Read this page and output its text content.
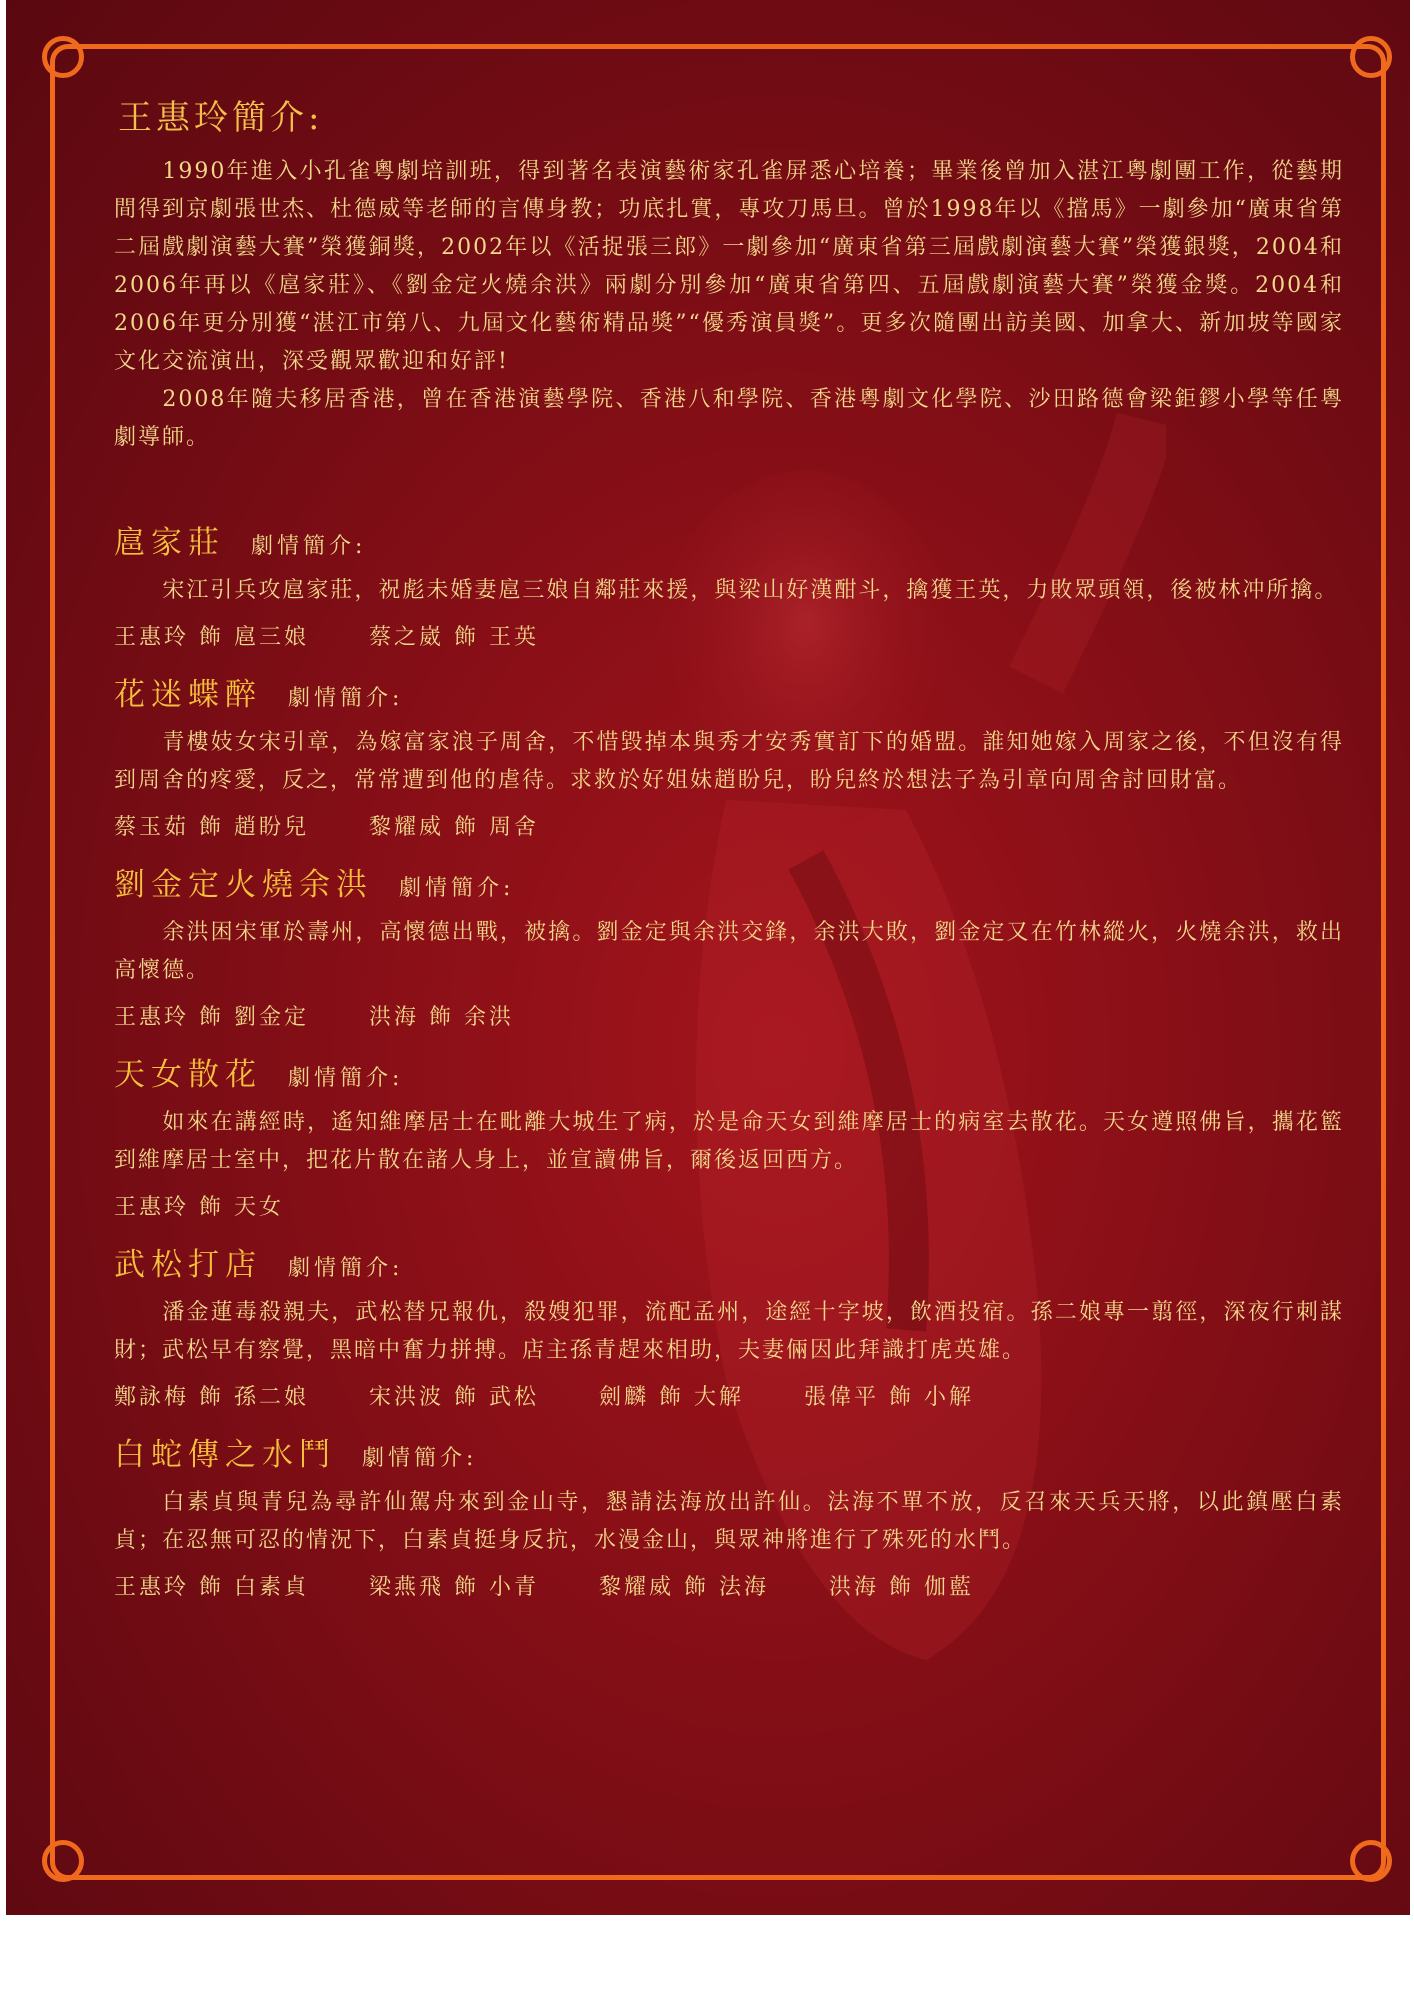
王惠玲簡介:

1990年進入小孔雀粵劇培訓班，得到著名表演藝術家孔雀屏悉心培養；畢業後曾加入湛江粵劇團工作，從藝期間得到京劇張世杰、杜德威等老師的言傳身教；功底扎實，專攻刀馬旦。曾於1998年以《擋馬》一劇參加“廣東省第二屆戲劇演藝大賽”榮獲銅獎，2002年以《活捉張三郎》一劇參加“廣東省第三屆戲劇演藝大賽”榮獲銀獎，2004和2006年再以《扈家莊》、《劉金定火燒余洪》兩劇分別參加“廣東省第四、五屆戲劇演藝大賽”榮獲金獎。2004和2006年更分別獲“湛江市第八、九屆文化藝術精品獎”“優秀演員獎”。更多次隨團出訪美國、加拿大、新加坡等國家文化交流演出，深受觀眾歡迎和好評!

2008年隨夫移居香港，曾在香港演藝學院、香港八和學院、香港粵劇文化學院、沙田路德會梁鉅鏐小學等任粵劇導師。

扈家莊 劇情簡介:

宋江引兵攻扈家莊，祝彪未婚妻扈三娘自鄰莊來援，與梁山好漢酣斗，擒獲王英，力敗眾頭領，後被林冲所擒。

王惠玲 飾 扈三娘	蔡之崴 飾 王英
花迷蝶醉 劇情簡介:

青樓妓女宋引章，為嫁富家浪子周舍，不惜毀掉本與秀才安秀實訂下的婚盟。誰知她嫁入周家之後，不但沒有得到周舍的疼愛，反之，常常遭到他的虐待。求救於好姐妹趙盼兒，盼兒終於想法子為引章向周舍討回財富。

蔡玉茹 飾 趙盼兒	黎耀威 飾 周舍
劉金定火燒余洪 劇情簡介:

余洪困宋軍於壽州，高懷德出戰，被擒。劉金定與余洪交鋒，余洪大敗，劉金定又在竹林縱火，火燒余洪，救出高懷德。

王惠玲 飾 劉金定	洪海 飾 余洪
天女散花 劇情簡介:

如來在講經時，遙知維摩居士在毗離大城生了病，於是命天女到維摩居士的病室去散花。天女遵照佛旨，攜花籃到維摩居士室中，把花片散在諸人身上，並宣讀佛旨，爾後返回西方。

王惠玲 飾 天女
武松打店 劇情簡介:

潘金蓮毒殺親夫，武松替兄報仇，殺嫂犯罪，流配孟州，途經十字坡，飲酒投宿。孫二娘專一翦徑，深夜行刺謀財；武松早有察覺，黑暗中奮力拼搏。店主孫青趕來相助，夫妻倆因此拜識打虎英雄。

鄭詠梅 飾 孫二娘	宋洪波 飾 武松	劍麟 飾 大解	張偉平 飾 小解
白蛇傳之水鬥 劇情簡介:

白素貞與青兒為尋許仙駕舟來到金山寺，懇請法海放出許仙。法海不單不放，反召來天兵天將，以此鎮壓白素貞；在忍無可忍的情況下，白素貞挺身反抗，水漫金山，與眾神將進行了殊死的水鬥。

王惠玲 飾 白素貞	梁燕飛 飾 小青	黎耀威 飾 法海	洪海 飾 伽藍
